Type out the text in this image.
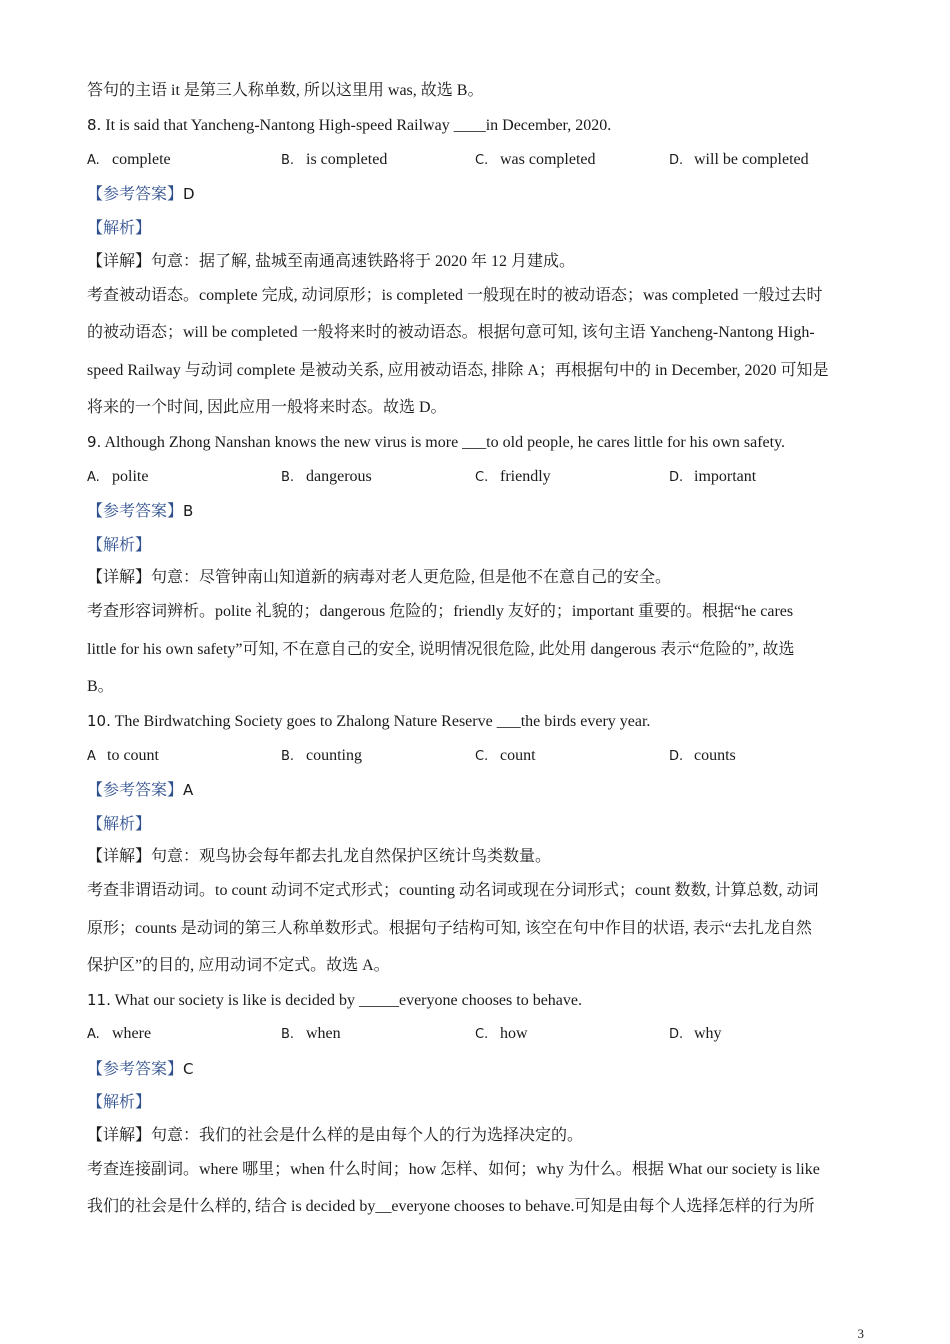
答句的主语 it 是第三人称单数, 所以这里用 was, 故选 B。
8. It is said that Yancheng-Nantong High-speed Railway ____in December, 2020.
A. complete	B. is completed	C. was completed	D. will be completed
【参考答案】D
【解析】
【详解】句意：据了解, 盐城至南通高速铁路将于 2020 年 12 月建成。
考查被动语态。complete 完成, 动词原形；is completed 一般现在时的被动语态；was completed 一般过去时
的被动语态；will be completed 一般将来时的被动语态。根据句意可知, 该句主语 Yancheng-Nantong High-
speed Railway 与动词 complete 是被动关系, 应用被动语态, 排除 A；再根据句中的 in December, 2020 可知是
将来的一个时间, 因此应用一般将来时态。故选 D。
9. Although Zhong Nanshan knows the new virus is more ___to old people, he cares little for his own safety.
A. polite	B. dangerous	C. friendly	D. important
【参考答案】B
【解析】
【详解】句意：尽管钟南山知道新的病毒对老人更危险, 但是他不在意自己的安全。
考查形容词辨析。polite 礼貌的；dangerous 危险的；friendly 友好的；important 重要的。根据“he cares
little for his own safety”可知, 不在意自己的安全, 说明情况很危险, 此处用 dangerous 表示“危险的”, 故选
B。
10. The Birdwatching Society goes to Zhalong Nature Reserve ___the birds every year.
A to count	B. counting	C. count	D. counts
【参考答案】A
【解析】
【详解】句意：观鸟协会每年都去扎龙自然保护区统计鸟类数量。
考查非谓语动词。to count 动词不定式形式；counting 动名词或现在分词形式；count 数数, 计算总数, 动词
原形；counts 是动词的第三人称单数形式。根据句子结构可知, 该空在句中作目的状语, 表示“去扎龙自然
保护区”的目的, 应用动词不定式。故选 A。
11. What our society is like is decided by _____everyone chooses to behave.
A. where	B. when	C. how	D. why
【参考答案】C
【解析】
【详解】句意：我们的社会是什么样的是由每个人的行为选择决定的。
考查连接副词。where 哪里；when 什么时间；how 怎样、如何；why 为什么。根据 What our society is like
我们的社会是什么样的, 结合 is decided by__everyone chooses to behave.可知是由每个人选择怎样的行为所
3
